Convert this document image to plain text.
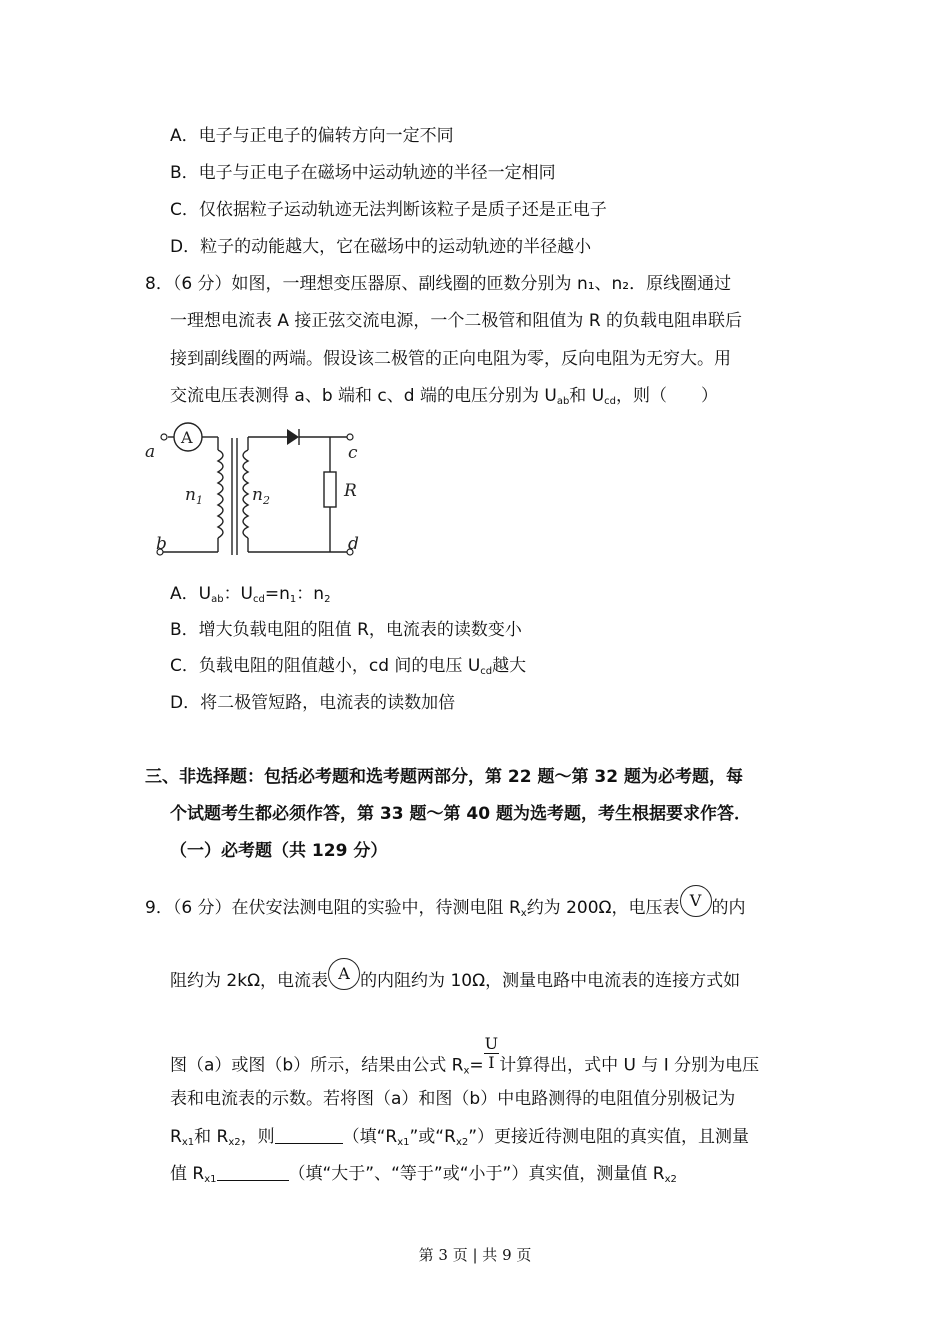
A．电子与正电子的偏转方向一定不同
B．电子与正电子在磁场中运动轨迹的半径一定相同
C．仅依据粒子运动轨迹无法判断该粒子是质子还是正电子
D．粒子的动能越大，它在磁场中的运动轨迹的半径越小
8．（6 分）如图，一理想变压器原、副线圈的匝数分别为 n₁、n₂．原线圈通过
一理想电流表 A 接正弦交流电源，一个二极管和阻值为 R 的负载电阻串联后
接到副线圈的两端。假设该二极管的正向电阻为零，反向电阻为无穷大。用
交流电压表测得 a、b 端和 c、d 端的电压分别为 $U_{ab}$和 $U_{cd}$，则（　　）
A
a
b
c
d
$n_1$	$n_2$	R
A．$U_{ab}$：$U_{cd}=n_1$：$n_2$
B．增大负载电阻的阻值 R，电流表的读数变小
C．负载电阻的阻值越小，cd 间的电压 $U_{cd}$越大
D．将二极管短路，电流表的读数加倍
三、非选择题：包括必考题和选考题两部分，第 22 题～第 32 题为必考题，每
个试题考生都必须作答，第 33 题～第 40 题为选考题，考生根据要求作答．
（一）必考题（共 129 分）
9．（6 分）在伏安法测电阻的实验中，待测电阻 $R_x$约为 200Ω，电压表 V 的内
阻约为 2kΩ，电流表 A 的内阻约为 10Ω，测量电路中电流表的连接方式如
图（a）或图（b）所示，结果由公式 $R_x= \frac{U}{I}$ 计算得出，式中 U 与 I 分别为电压
表和电流表的示数。若将图（a）和图（b）中电路测得的电阻值分别极记为
$R_{x1}$和 $R_{x2}$，则	（填“$R_{x1}$”或“$R_{x2}$”）更接近待测电阻的真实值，且测量
值 $R_{x1}$	（填“大于”、“等于”或“小于”）真实值，测量值 $R_{x2}$
第 3 页 | 共 9 页
